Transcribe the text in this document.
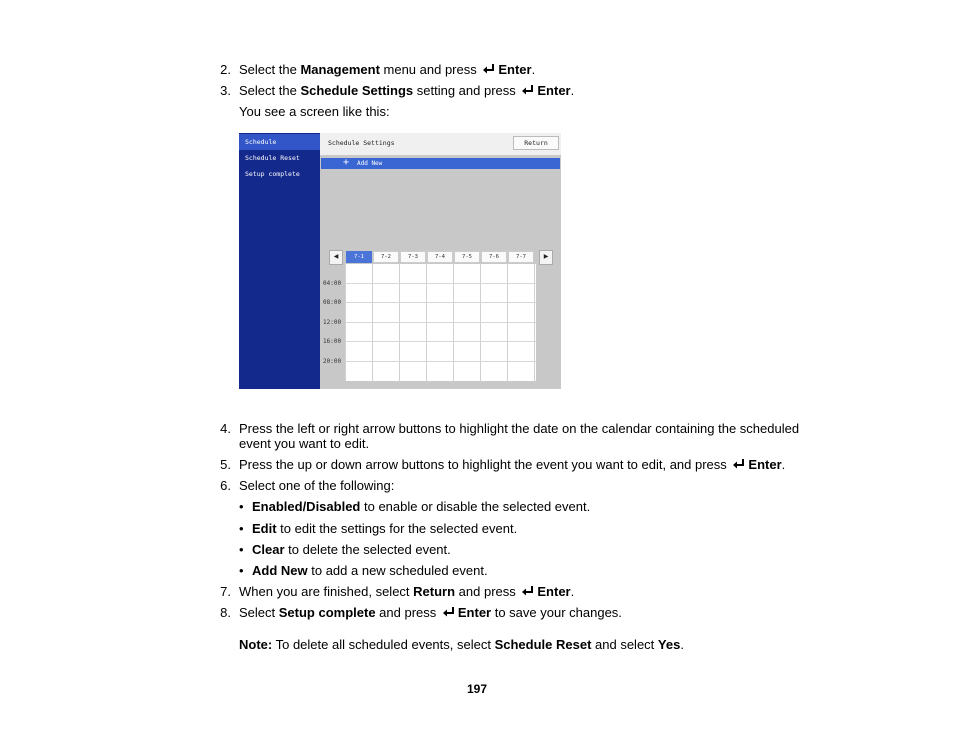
2. Select the Management menu and press Enter.
3. Select the Schedule Settings setting and press Enter.
You see a screen like this:
Schedule
Schedule Reset
Setup complete
Schedule Settings	Return
+ Add New
◀	▶
7-1	7-2	7-3	7-4	7-5	7-6	7-7
04:00
08:00
12:00
16:00
20:00
4. Press the left or right arrow buttons to highlight the date on the calendar containing the scheduled
event you want to edit.
5. Press the up or down arrow buttons to highlight the event you want to edit, and press Enter.
6. Select one of the following:
• Enabled/Disabled to enable or disable the selected event.
• Edit to edit the settings for the selected event.
• Clear to delete the selected event.
• Add New to add a new scheduled event.
7. When you are finished, select Return and press Enter.
8. Select Setup complete and press Enter to save your changes.
Note: To delete all scheduled events, select Schedule Reset and select Yes.
197
